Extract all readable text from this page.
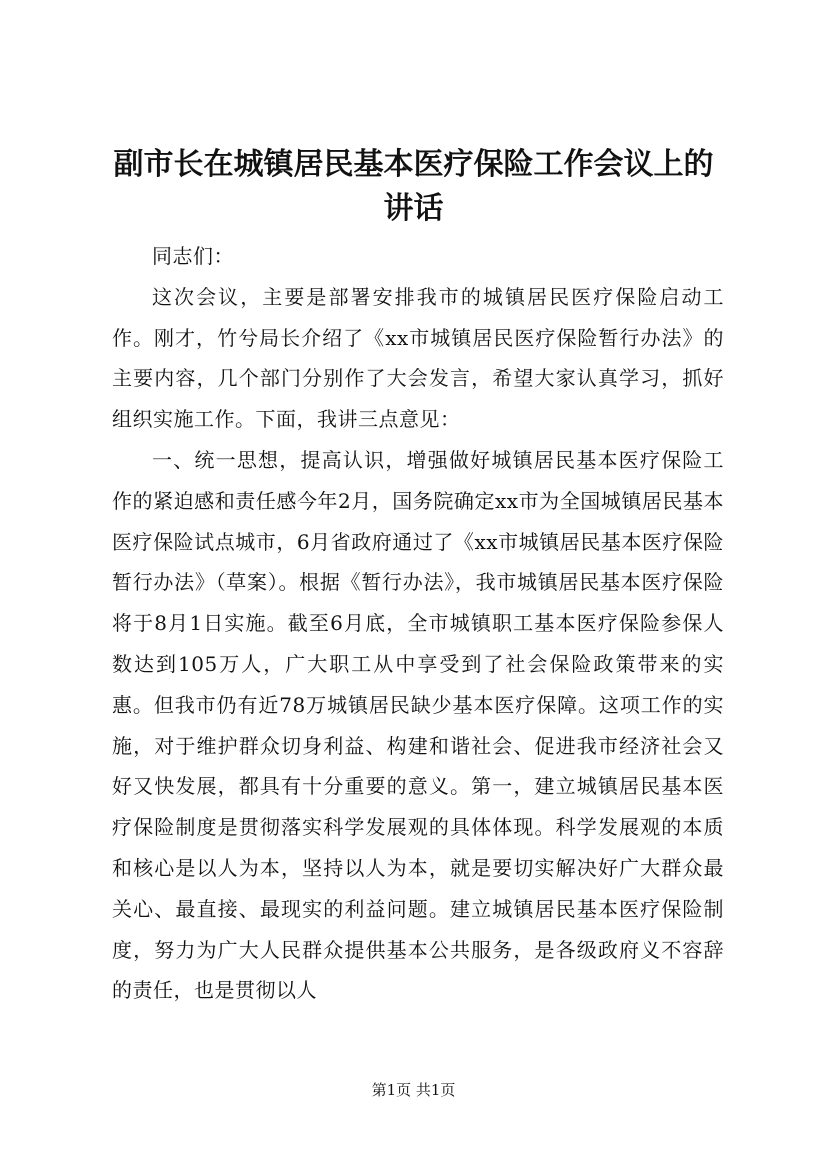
副市长在城镇居民基本医疗保险工作会议上的讲话

同志们：

这次会议，主要是部署安排我市的城镇居民医疗保险启动工作。刚才，竹兮局长介绍了《xx市城镇居民医疗保险暂行办法》的主要内容，几个部门分别作了大会发言，希望大家认真学习，抓好组织实施工作。下面，我讲三点意见：

一、统一思想，提高认识，增强做好城镇居民基本医疗保险工作的紧迫感和责任感今年2月，国务院确定xx市为全国城镇居民基本医疗保险试点城市，6月省政府通过了《xx市城镇居民基本医疗保险暂行办法》（草案）。根据《暂行办法》，我市城镇居民基本医疗保险将于8月1日实施。截至6月底，全市城镇职工基本医疗保险参保人数达到105万人，广大职工从中享受到了社会保险政策带来的实惠。但我市仍有近78万城镇居民缺少基本医疗保障。这项工作的实施，对于维护群众切身利益、构建和谐社会、促进我市经济社会又好又快发展，都具有十分重要的意义。第一，建立城镇居民基本医疗保险制度是贯彻落实科学发展观的具体体现。科学发展观的本质和核心是以人为本，坚持以人为本，就是要切实解决好广大群众最关心、最直接、最现实的利益问题。建立城镇居民基本医疗保险制度，努力为广大人民群众提供基本公共服务，是各级政府义不容辞的责任，也是贯彻以人

第1页 共1页
